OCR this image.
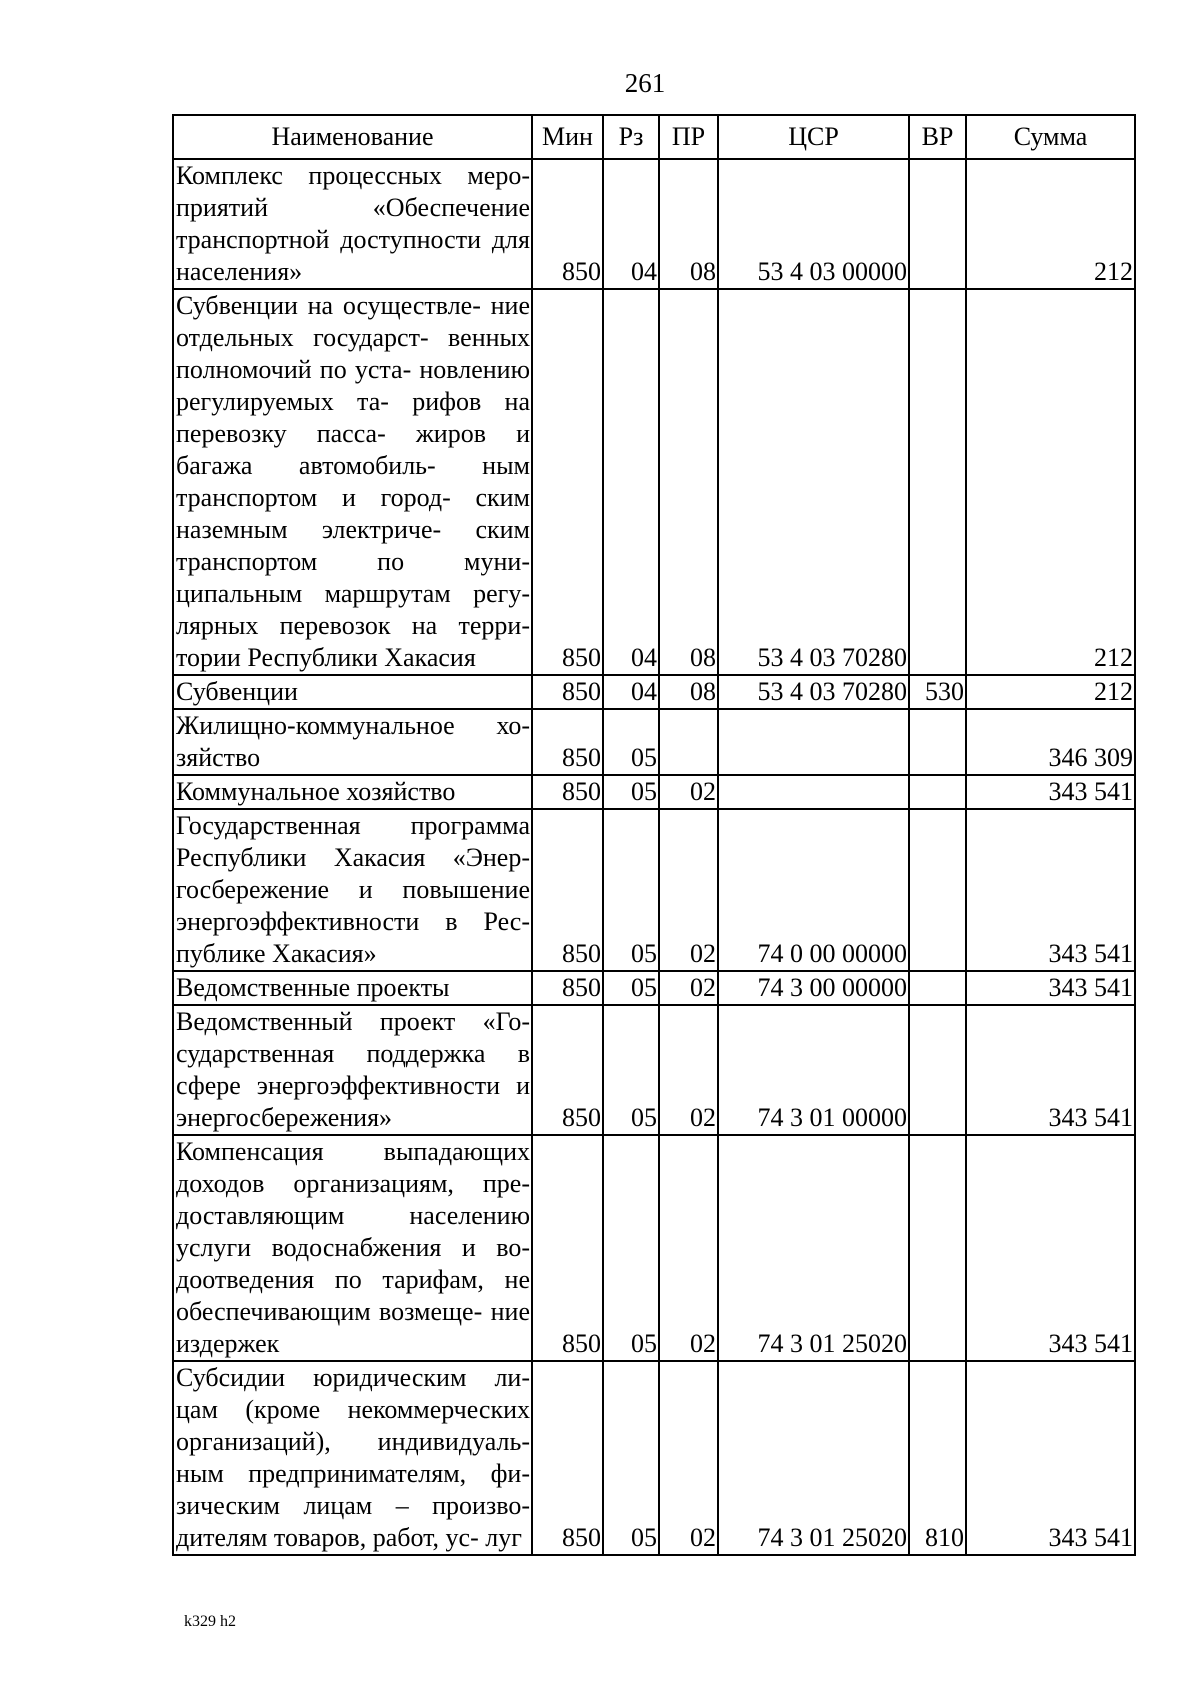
261
Наименование	Мин	Рз	ПР	ЦСР	ВР	Сумма
Комплекс процессных меро- приятий «Обеспечение транспортной доступности для населения»	850	04	08	53 4 03 00000		212
Субвенции на осуществле- ние отдельных государст- венных полномочий по уста- новлению регулируемых та- рифов на перевозку пасса- жиров и багажа автомобиль- ным транспортом и город- ским наземным электриче- ским транспортом по муни- ципальным маршрутам регу- лярных перевозок на терри- тории Республики Хакасия	850	04	08	53 4 03 70280		212
Субвенции	850	04	08	53 4 03 70280	530	212
Жилищно-коммунальное хо- зяйство	850	05				346 309
Коммунальное хозяйство	850	05	02			343 541
Государственная программа Республики Хакасия «Энер- госбережение и повышение энергоэффективности в Рес- публике Хакасия»	850	05	02	74 0 00 00000		343 541
Ведомственные проекты	850	05	02	74 3 00 00000		343 541
Ведомственный проект «Го- сударственная поддержка в сфере энергоэффективности и энергосбережения»	850	05	02	74 3 01 00000		343 541
Компенсация выпадающих доходов организациям, пре- доставляющим населению услуги водоснабжения и во- доотведения по тарифам, не обеспечивающим возмеще- ние издержек	850	05	02	74 3 01 25020		343 541
Субсидии юридическим ли- цам (кроме некоммерческих организаций), индивидуаль- ным предпринимателям, фи- зическим лицам – произво- дителям товаров, работ, ус- луг	850	05	02	74 3 01 25020	810	343 541
k329 h2
